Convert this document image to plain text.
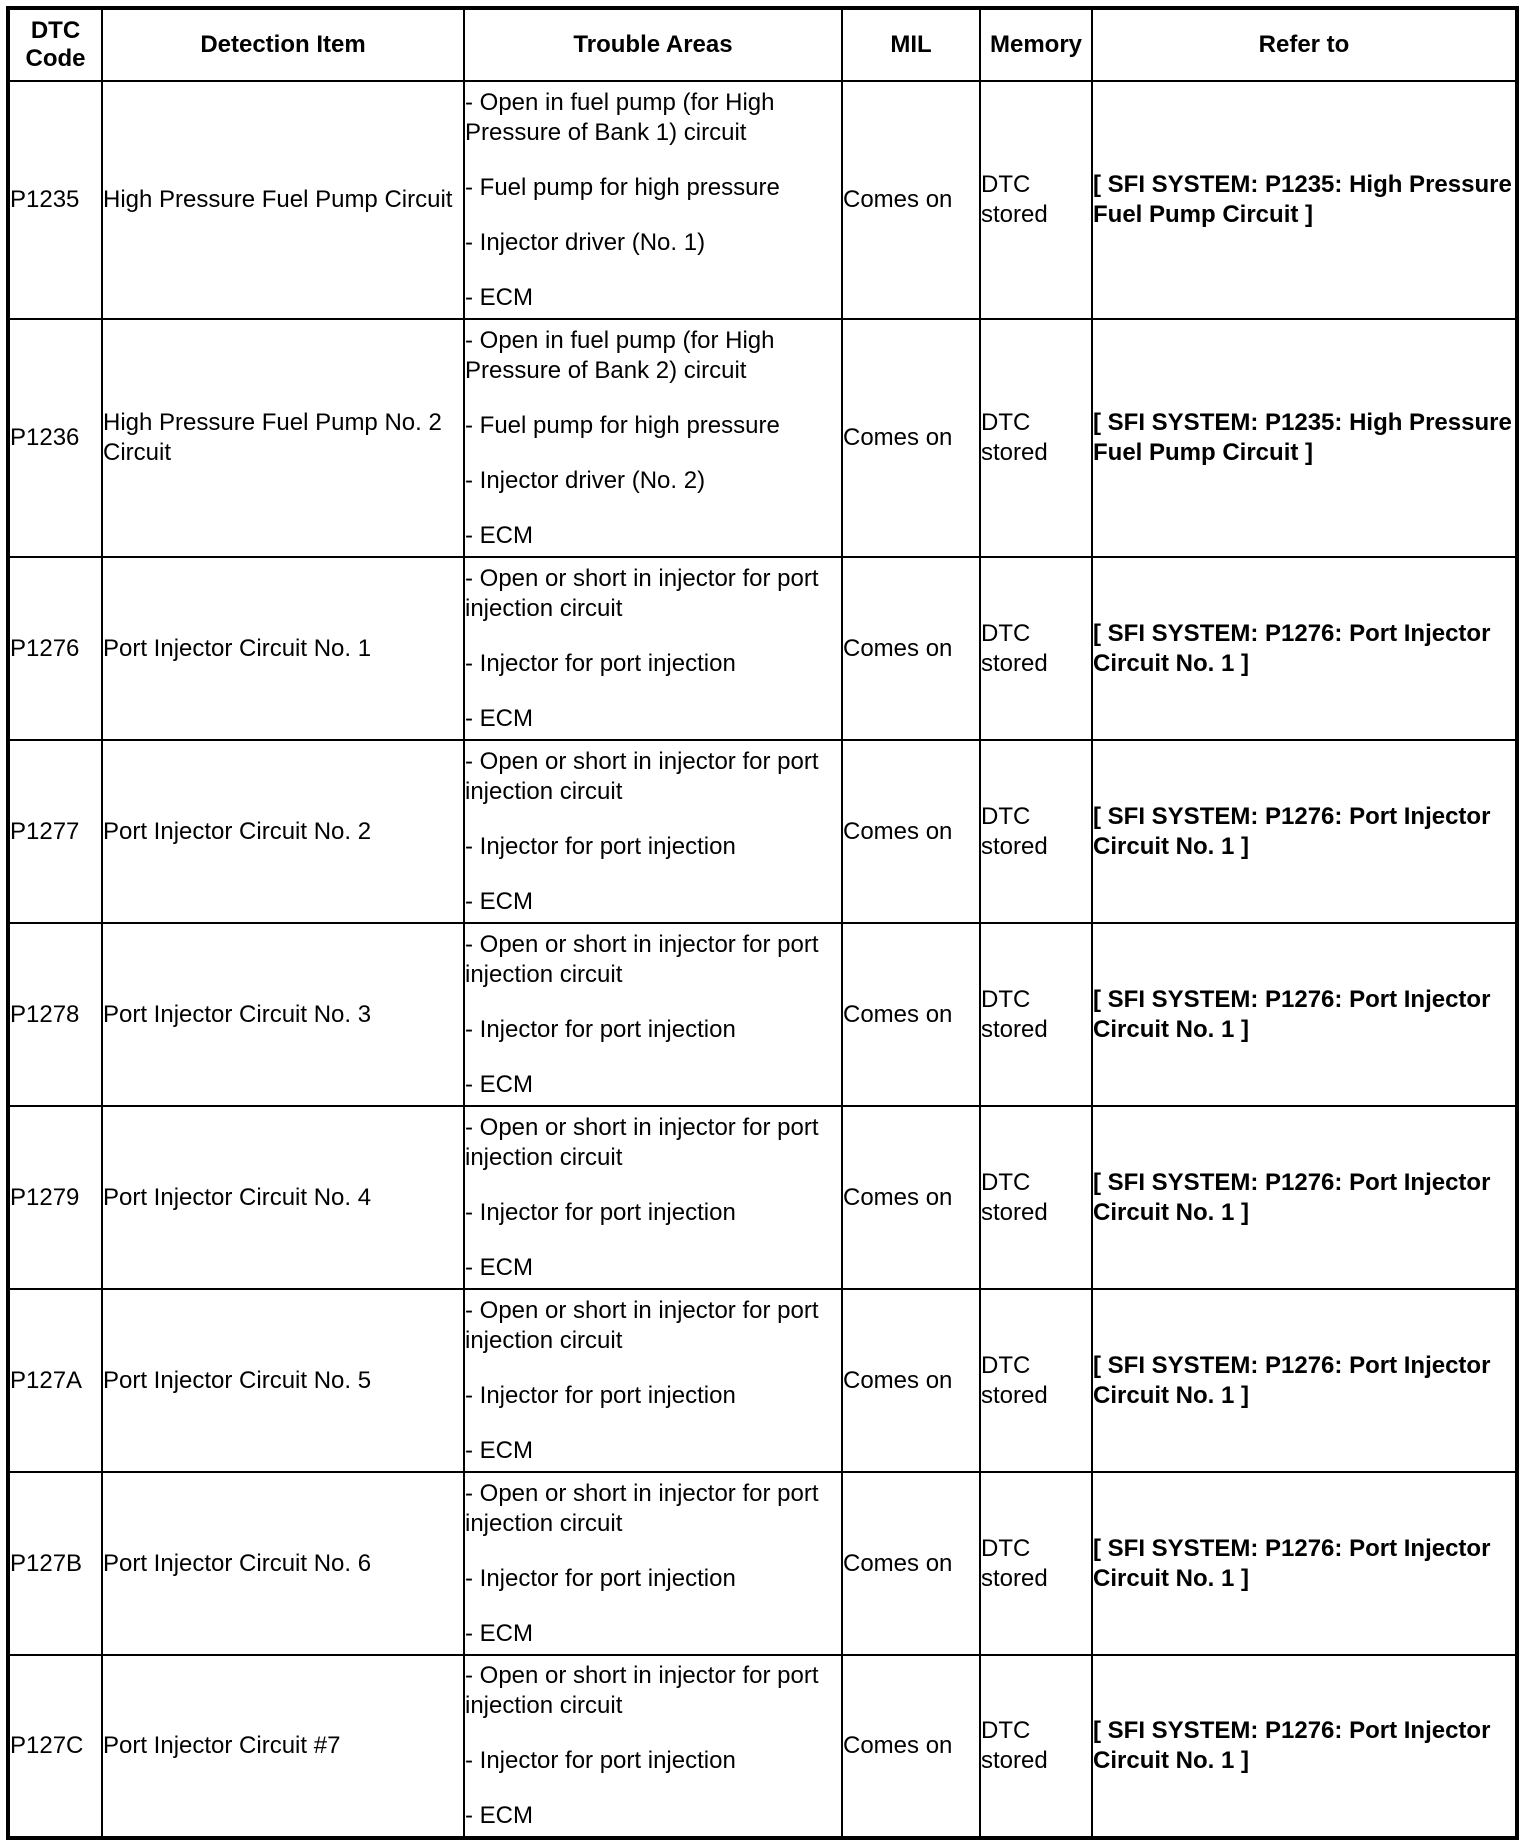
DTC
Code	Detection Item	Trouble Areas	MIL	Memory	Refer to
P1235	High Pressure Fuel Pump Circuit	- Open in fuel pump (for High Pressure of Bank 1) circuit
- Fuel pump for high pressure
- Injector driver (No. 1)
- ECM	Comes on	DTC
stored	[ SFI SYSTEM: P1235: High Pressure Fuel Pump Circuit ]
P1236	High Pressure Fuel Pump No. 2 Circuit	- Open in fuel pump (for High Pressure of Bank 2) circuit
- Fuel pump for high pressure
- Injector driver (No. 2)
- ECM	Comes on	DTC
stored	[ SFI SYSTEM: P1235: High Pressure Fuel Pump Circuit ]
P1276	Port Injector Circuit No. 1	- Open or short in injector for port injection circuit
- Injector for port injection
- ECM	Comes on	DTC
stored	[ SFI SYSTEM: P1276: Port Injector Circuit No. 1 ]
P1277	Port Injector Circuit No. 2	- Open or short in injector for port injection circuit
- Injector for port injection
- ECM	Comes on	DTC
stored	[ SFI SYSTEM: P1276: Port Injector Circuit No. 1 ]
P1278	Port Injector Circuit No. 3	- Open or short in injector for port injection circuit
- Injector for port injection
- ECM	Comes on	DTC
stored	[ SFI SYSTEM: P1276: Port Injector Circuit No. 1 ]
P1279	Port Injector Circuit No. 4	- Open or short in injector for port injection circuit
- Injector for port injection
- ECM	Comes on	DTC
stored	[ SFI SYSTEM: P1276: Port Injector Circuit No. 1 ]
P127A	Port Injector Circuit No. 5	- Open or short in injector for port injection circuit
- Injector for port injection
- ECM	Comes on	DTC
stored	[ SFI SYSTEM: P1276: Port Injector Circuit No. 1 ]
P127B	Port Injector Circuit No. 6	- Open or short in injector for port injection circuit
- Injector for port injection
- ECM	Comes on	DTC
stored	[ SFI SYSTEM: P1276: Port Injector Circuit No. 1 ]
P127C	Port Injector Circuit #7	- Open or short in injector for port injection circuit
- Injector for port injection
- ECM	Comes on	DTC
stored	[ SFI SYSTEM: P1276: Port Injector Circuit No. 1 ]
